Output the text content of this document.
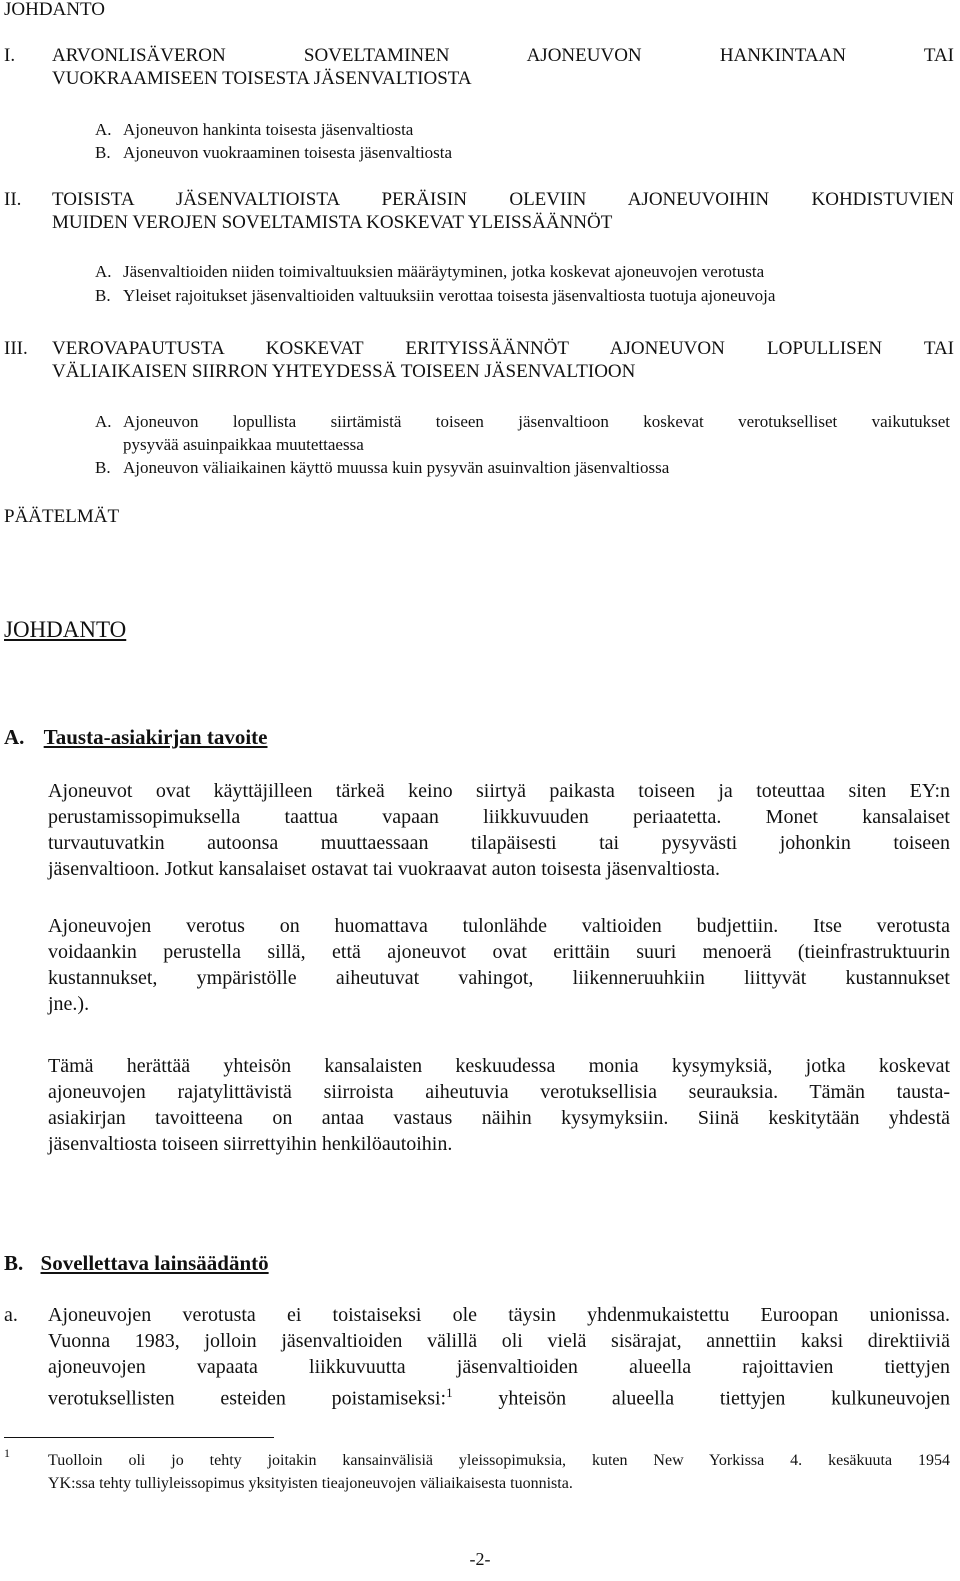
JOHDANTO
I. ARVONLISÄVERON SOVELTAMINEN AJONEUVON HANKINTAAN TAI
VUOKRAAMISEEN TOISESTA JÄSENVALTIOSTA
A. Ajoneuvon hankinta toisesta jäsenvaltiosta
B. Ajoneuvon vuokraaminen toisesta jäsenvaltiosta
II. TOISISTA JÄSENVALTIOISTA PERÄISIN OLEVIIN AJONEUVOIHIN KOHDISTUVIEN
MUIDEN VEROJEN SOVELTAMISTA KOSKEVAT YLEISSÄÄNNÖT
A. Jäsenvaltioiden niiden toimivaltuuksien määräytyminen, jotka koskevat ajoneuvojen verotusta
B. Yleiset rajoitukset jäsenvaltioiden valtuuksiin verottaa toisesta jäsenvaltiosta tuotuja ajoneuvoja
III. VEROVAPAUTUSTA KOSKEVAT ERITYISSÄÄNNÖT AJONEUVON LOPULLISEN TAI
VÄLIAIKAISEN SIIRRON YHTEYDESSÄ TOISEEN JÄSENVALTIOON
A. Ajoneuvon lopullista siirtämistä toiseen jäsenvaltioon koskevat verotukselliset vaikutukset
pysyvää asuinpaikkaa muutettaessa
B. Ajoneuvon väliaikainen käyttö muussa kuin pysyvän asuinvaltion jäsenvaltiossa
PÄÄTELMÄT
JOHDANTO
A. Tausta-asiakirjan tavoite
Ajoneuvot ovat käyttäjilleen tärkeä keino siirtyä paikasta toiseen ja toteuttaa siten EY:n
perustamissopimuksella taattua vapaan liikkuvuuden periaatetta. Monet kansalaiset
turvautuvatkin autoonsa muuttaessaan tilapäisesti tai pysyvästi johonkin toiseen
jäsenvaltioon. Jotkut kansalaiset ostavat tai vuokraavat auton toisesta jäsenvaltiosta.
Ajoneuvojen verotus on huomattava tulonlähde valtioiden budjettiin. Itse verotusta
voidaankin perustella sillä, että ajoneuvot ovat erittäin suuri menoerä (tieinfrastruktuurin
kustannukset, ympäristölle aiheutuvat vahingot, liikenneruuhkiin liittyvät kustannukset
jne.).
Tämä herättää yhteisön kansalaisten keskuudessa monia kysymyksiä, jotka koskevat
ajoneuvojen rajatylittävistä siirroista aiheutuvia verotuksellisia seurauksia. Tämän tausta-
asiakirjan tavoitteena on antaa vastaus näihin kysymyksiin. Siinä keskitytään yhdestä
jäsenvaltiosta toiseen siirrettyihin henkilöautoihin.
B. Sovellettava lainsäädäntö
a. Ajoneuvojen verotusta ei toistaiseksi ole täysin yhdenmukaistettu Euroopan unionissa.
Vuonna 1983, jolloin jäsenvaltioiden välillä oli vielä sisärajat, annettiin kaksi direktiiviä
ajoneuvojen vapaata liikkuvuutta jäsenvaltioiden alueella rajoittavien tiettyjen
verotuksellisten esteiden poistamiseksi:$^1$ yhteisön alueella tiettyjen kulkuneuvojen
1 Tuolloin oli jo tehty joitakin kansainvälisiä yleissopimuksia, kuten New Yorkissa 4. kesäkuuta 1954
YK:ssa tehty tulliyleissopimus yksityisten tieajoneuvojen väliaikaisesta tuonnista.
-2-
